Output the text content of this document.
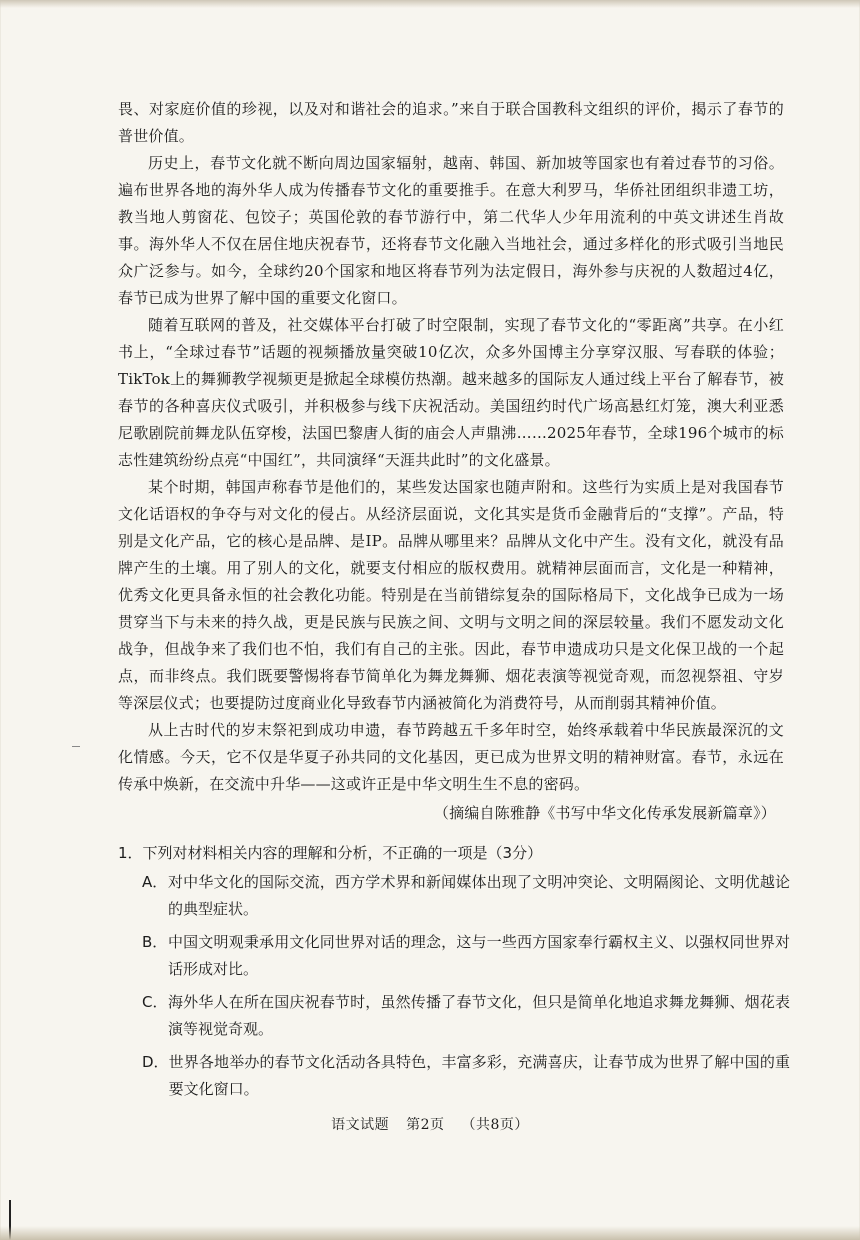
畏、对家庭价值的珍视，以及对和谐社会的追求。”来自于联合国教科文组织的评价，揭示了春节的普世价值。

历史上，春节文化就不断向周边国家辐射，越南、韩国、新加坡等国家也有着过春节的习俗。遍布世界各地的海外华人成为传播春节文化的重要推手。在意大利罗马，华侨社团组织非遗工坊，教当地人剪窗花、包饺子；英国伦敦的春节游行中，第二代华人少年用流利的中英文讲述生肖故事。海外华人不仅在居住地庆祝春节，还将春节文化融入当地社会，通过多样化的形式吸引当地民众广泛参与。如今，全球约20个国家和地区将春节列为法定假日，海外参与庆祝的人数超过4亿，春节已成为世界了解中国的重要文化窗口。

随着互联网的普及，社交媒体平台打破了时空限制，实现了春节文化的“零距离”共享。在小红书上，“全球过春节”话题的视频播放量突破10亿次，众多外国博主分享穿汉服、写春联的体验；TikTok上的舞狮教学视频更是掀起全球模仿热潮。越来越多的国际友人通过线上平台了解春节，被春节的各种喜庆仪式吸引，并积极参与线下庆祝活动。美国纽约时代广场高悬红灯笼，澳大利亚悉尼歌剧院前舞龙队伍穿梭，法国巴黎唐人街的庙会人声鼎沸……2025年春节，全球196个城市的标志性建筑纷纷点亮“中国红”，共同演绎“天涯共此时”的文化盛景。

某个时期，韩国声称春节是他们的，某些发达国家也随声附和。这些行为实质上是对我国春节文化话语权的争夺与对文化的侵占。从经济层面说，文化其实是货币金融背后的“支撑”。产品，特别是文化产品，它的核心是品牌、是IP。品牌从哪里来？品牌从文化中产生。没有文化，就没有品牌产生的土壤。用了别人的文化，就要支付相应的版权费用。就精神层面而言，文化是一种精神，优秀文化更具备永恒的社会教化功能。特别是在当前错综复杂的国际格局下，文化战争已成为一场贯穿当下与未来的持久战，更是民族与民族之间、文明与文明之间的深层较量。我们不愿发动文化战争，但战争来了我们也不怕，我们有自己的主张。因此，春节申遗成功只是文化保卫战的一个起点，而非终点。我们既要警惕将春节简单化为舞龙舞狮、烟花表演等视觉奇观，而忽视祭祖、守岁等深层仪式；也要提防过度商业化导致春节内涵被简化为消费符号，从而削弱其精神价值。

从上古时代的岁末祭祀到成功申遗，春节跨越五千多年时空，始终承载着中华民族最深沉的文化情感。今天，它不仅是华夏子孙共同的文化基因，更已成为世界文明的精神财富。春节，永远在传承中焕新，在交流中升华——这或许正是中华文明生生不息的密码。

（摘编自陈雅静《书写中华文化传承发展新篇章》）

1．下列对材料相关内容的理解和分析，不正确的一项是（3分）

A． 对中华文化的国际交流，西方学术界和新闻媒体出现了文明冲突论、文明隔阂论、文明优越论的典型症状。
B． 中国文明观秉承用文化同世界对话的理念，这与一些西方国家奉行霸权主义、以强权同世界对话形成对比。
C． 海外华人在所在国庆祝春节时，虽然传播了春节文化，但只是简单化地追求舞龙舞狮、烟花表演等视觉奇观。
D． 世界各地举办的春节文化活动各具特色，丰富多彩，充满喜庆，让春节成为世界了解中国的重要文化窗口。
语文试题 第2页 （共8页）
